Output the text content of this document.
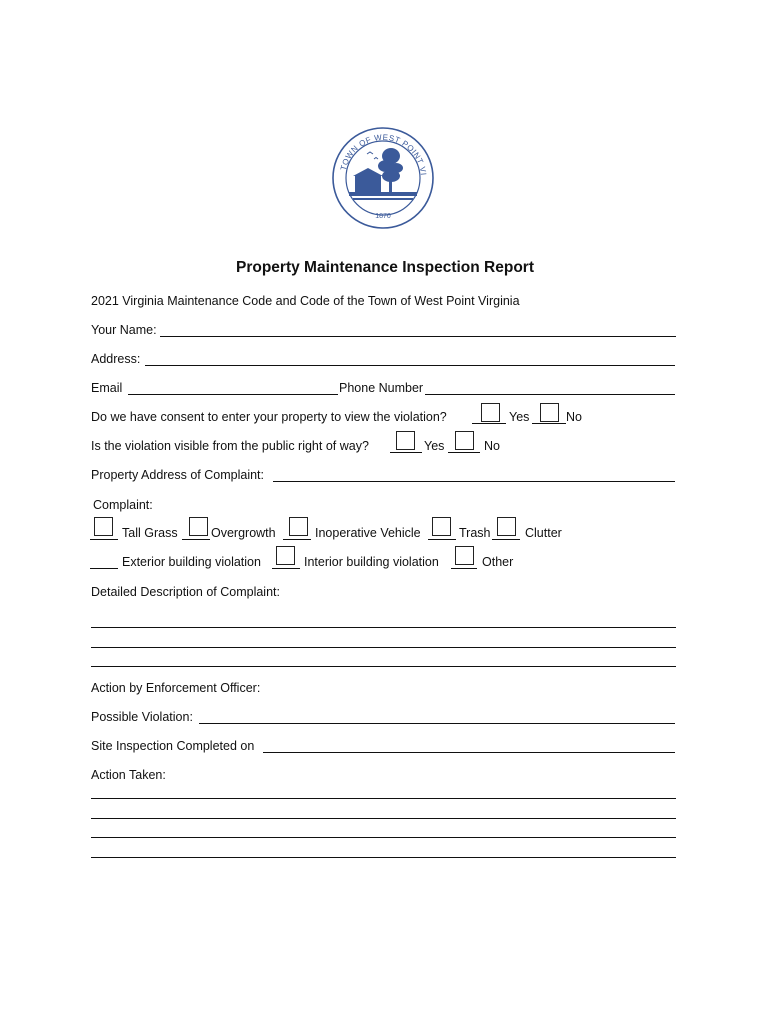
TOWN OF WEST POINT VI
1870
Property Maintenance Inspection Report
2021 Virginia Maintenance Code and Code of the Town of West Point Virginia
Your Name:
Address:
Email	Phone Number
Do we have consent to enter your property to view the violation?	Yes	No
Is the violation visible from the public right of way?	Yes	No
Property Address of Complaint:
Complaint:
Tall Grass	Overgrowth	Inoperative Vehicle	Trash	Clutter
Exterior building violation	Interior building violation	Other
Detailed Description of Complaint:
Action by Enforcement Officer:
Possible Violation:
Site Inspection Completed on
Action Taken:
